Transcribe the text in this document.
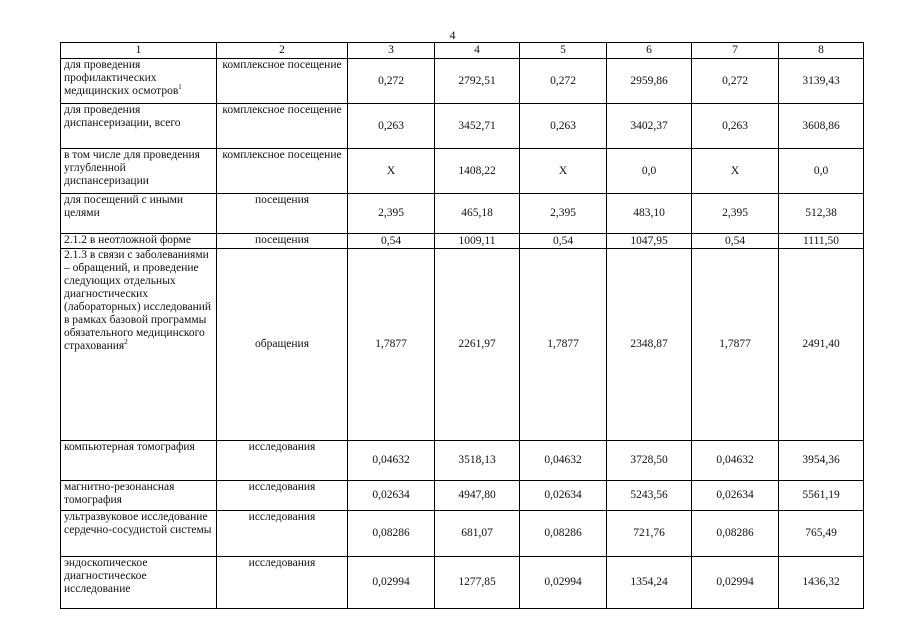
4
1	2	3	4	5	6	7	8
для проведения профилактических медицинских осмотров$^1$	комплексное посещение	0,272	2792,51	0,272	2959,86	0,272	3139,43
для проведения диспансеризации, всего	комплексное посещение	0,263	3452,71	0,263	3402,37	0,263	3608,86
в том числе для проведения углубленной диспансеризации	комплексное посещение	X	1408,22	X	0,0	X	0,0
для посещений с иными целями	посещения	2,395	465,18	2,395	483,10	2,395	512,38
2.1.2 в неотложной форме	посещения	0,54	1009,11	0,54	1047,95	0,54	1111,50
2.1.3 в связи с заболеваниями – обращений, и проведение следующих отдельных диагностических (лабораторных) исследований в рамках базовой программы обязательного медицинского страхования$^2$	обращения	1,7877	2261,97	1,7877	2348,87	1,7877	2491,40
компьютерная томография	исследования	0,04632	3518,13	0,04632	3728,50	0,04632	3954,36
магнитно-резонансная томография	исследования	0,02634	4947,80	0,02634	5243,56	0,02634	5561,19
ультразвуковое исследование сердечно-сосудистой системы	исследования	0,08286	681,07	0,08286	721,76	0,08286	765,49
эндоскопическое диагностическое исследование	исследования	0,02994	1277,85	0,02994	1354,24	0,02994	1436,32
